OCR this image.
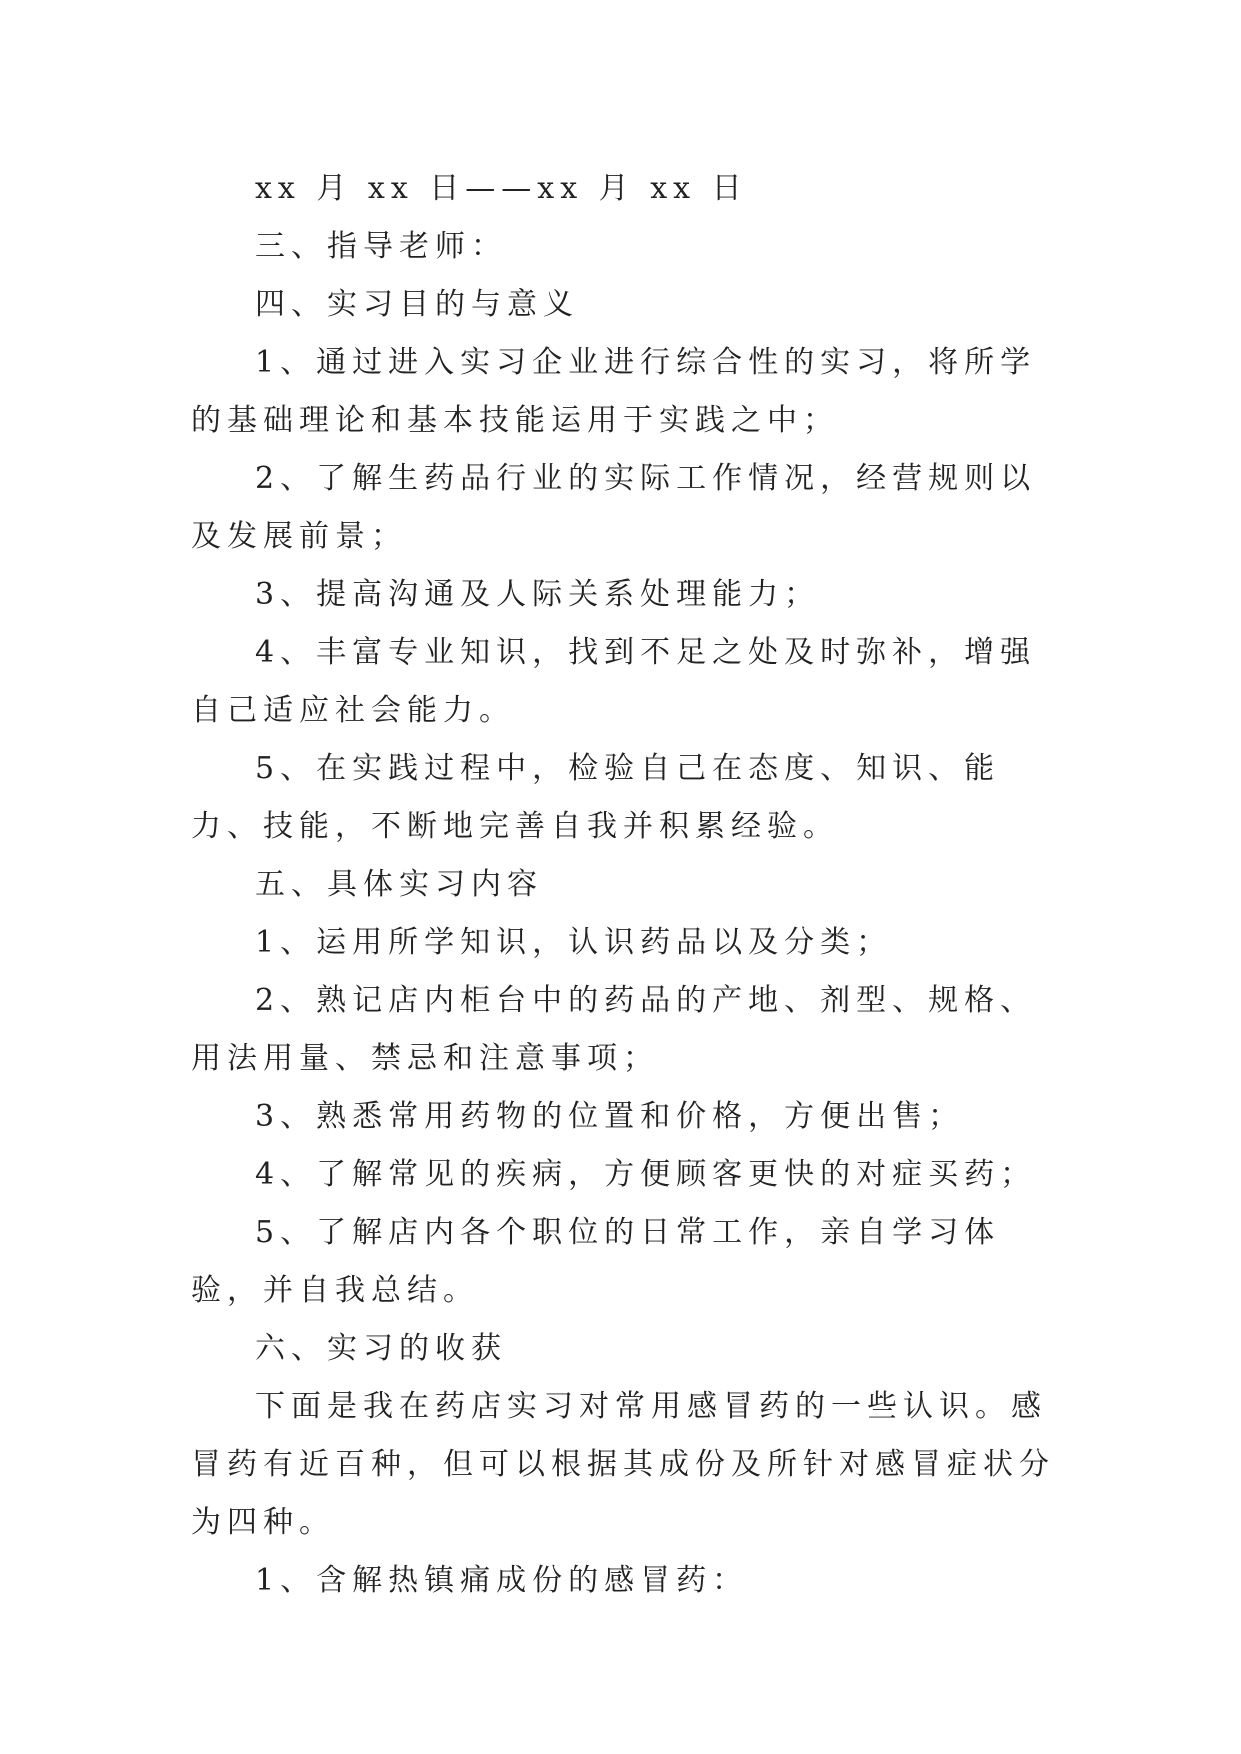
xx 月 xx 日——xx 月 xx 日

三、指导老师：

四、实习目的与意义

1、通过进入实习企业进行综合性的实习，将所学的基础理论和基本技能运用于实践之中；

2、了解生药品行业的实际工作情况，经营规则以及发展前景；

3、提高沟通及人际关系处理能力；

4、丰富专业知识，找到不足之处及时弥补，增强自己适应社会能力。

5、在实践过程中，检验自己在态度、知识、能力、技能，不断地完善自我并积累经验。

五、具体实习内容

1、运用所学知识，认识药品以及分类；

2、熟记店内柜台中的药品的产地、剂型、规格、用法用量、禁忌和注意事项；

3、熟悉常用药物的位置和价格，方便出售；

4、了解常见的疾病，方便顾客更快的对症买药；

5、了解店内各个职位的日常工作，亲自学习体验，并自我总结。

六、实习的收获

下面是我在药店实习对常用感冒药的一些认识。感冒药有近百种，但可以根据其成份及所针对感冒症状分为四种。

1、含解热镇痛成份的感冒药：
